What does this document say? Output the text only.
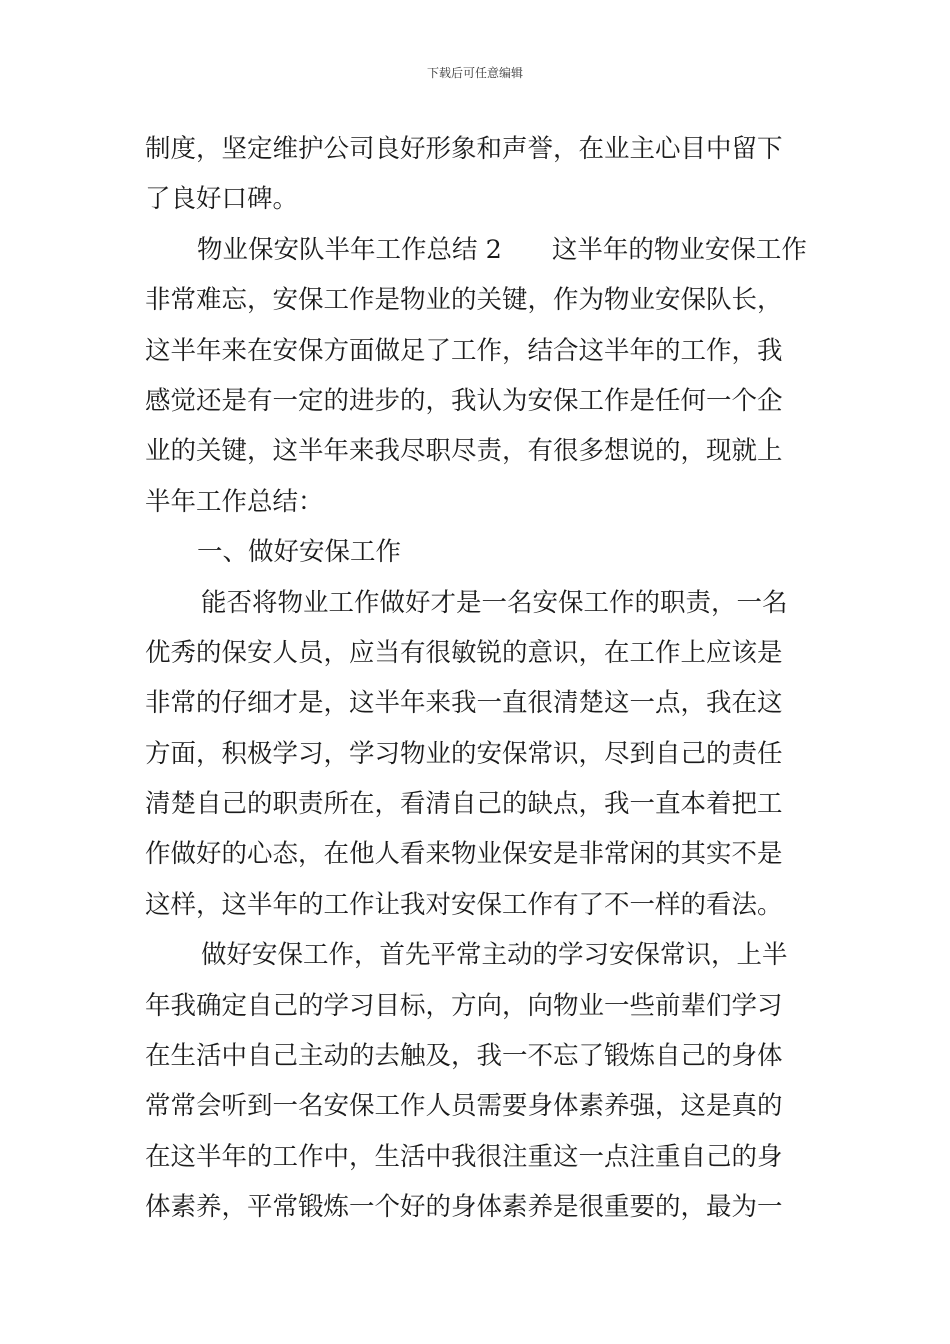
下载后可任意编辑
制度，坚定维护公司良好形象和声誉，在业主心目中留下
了良好口碑。
物业保安队半年工作总结 2 这半年的物业安保工作
非常难忘，安保工作是物业的关键，作为物业安保队长，
这半年来在安保方面做足了工作，结合这半年的工作，我
感觉还是有一定的进步的，我认为安保工作是任何一个企
业的关键，这半年来我尽职尽责，有很多想说的，现就上
半年工作总结：
一、做好安保工作
能否将物业工作做好才是一名安保工作的职责，一名
优秀的保安人员，应当有很敏锐的意识，在工作上应该是
非常的仔细才是，这半年来我一直很清楚这一点，我在这
方面，积极学习，学习物业的安保常识，尽到自己的责任
清楚自己的职责所在，看清自己的缺点，我一直本着把工
作做好的心态，在他人看来物业保安是非常闲的其实不是
这样，这半年的工作让我对安保工作有了不一样的看法。
做好安保工作，首先平常主动的学习安保常识，上半
年我确定自己的学习目标，方向，向物业一些前辈们学习
在生活中自己主动的去触及，我一不忘了锻炼自己的身体
常常会听到一名安保工作人员需要身体素养强，这是真的
在这半年的工作中，生活中我很注重这一点注重自己的身
体素养，平常锻炼一个好的身体素养是很重要的，最为一
